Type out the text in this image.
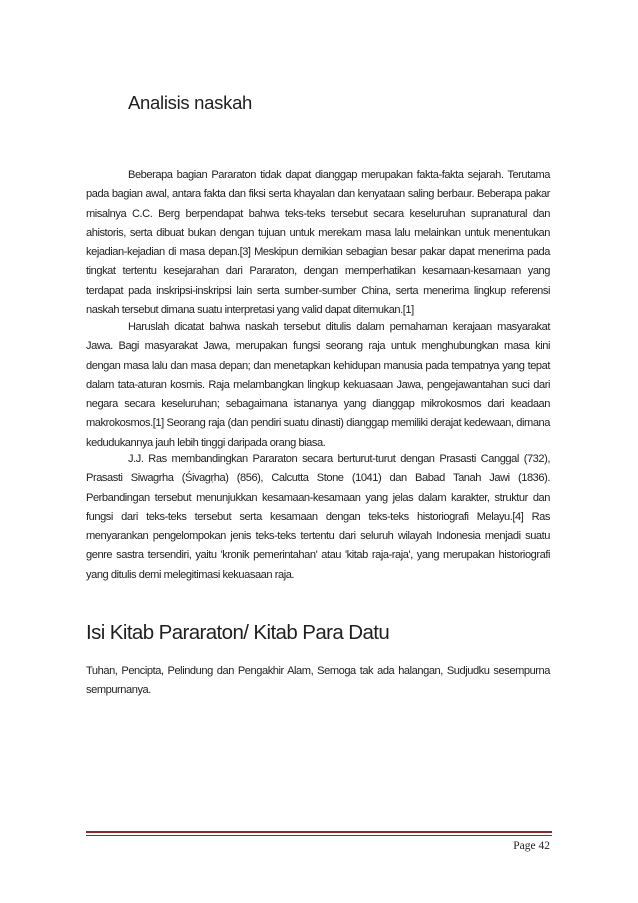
Analisis naskah

Beberapa bagian Pararaton tidak dapat dianggap merupakan fakta-fakta sejarah. Terutama pada bagian awal, antara fakta dan fiksi serta khayalan dan kenyataan saling berbaur. Beberapa pakar misalnya C.C. Berg berpendapat bahwa teks-teks tersebut secara keseluruhan supranatural dan ahistoris, serta dibuat bukan dengan tujuan untuk merekam masa lalu melainkan untuk menentukan kejadian-kejadian di masa depan.[3] Meskipun demikian sebagian besar pakar dapat menerima pada tingkat tertentu kesejarahan dari Pararaton, dengan memperhatikan kesamaan-kesamaan yang terdapat pada inskripsi-inskripsi lain serta sumber-sumber China, serta menerima lingkup referensi naskah tersebut dimana suatu interpretasi yang valid dapat ditemukan.[1]

Haruslah dicatat bahwa naskah tersebut ditulis dalam pemahaman kerajaan masyarakat Jawa. Bagi masyarakat Jawa, merupakan fungsi seorang raja untuk menghubungkan masa kini dengan masa lalu dan masa depan; dan menetapkan kehidupan manusia pada tempatnya yang tepat dalam tata-aturan kosmis. Raja melambangkan lingkup kekuasaan Jawa, pengejawantahan suci dari negara secara keseluruhan; sebagaimana istananya yang dianggap mikrokosmos dari keadaan makrokosmos.[1] Seorang raja (dan pendiri suatu dinasti) dianggap memiliki derajat kedewaan, dimana kedudukannya jauh lebih tinggi daripada orang biasa.

J.J. Ras membandingkan Pararaton secara berturut-turut dengan Prasasti Canggal (732), Prasasti Siwagrha (Śivagṛha) (856), Calcutta Stone (1041) dan Babad Tanah Jawi (1836). Perbandingan tersebut menunjukkan kesamaan-kesamaan yang jelas dalam karakter, struktur dan fungsi dari teks-teks tersebut serta kesamaan dengan teks-teks historiografi Melayu.[4] Ras menyarankan pengelompokan jenis teks-teks tertentu dari seluruh wilayah Indonesia menjadi suatu genre sastra tersendiri, yaitu 'kronik pemerintahan' atau 'kitab raja-raja', yang merupakan historiografi yang ditulis demi melegitimasi kekuasaan raja.

Isi Kitab Pararaton/ Kitab Para Datu

Tuhan, Pencipta, Pelindung dan Pengakhir Alam, Semoga tak ada halangan, Sudjudku sesempurna sempurnanya.

Page 42
